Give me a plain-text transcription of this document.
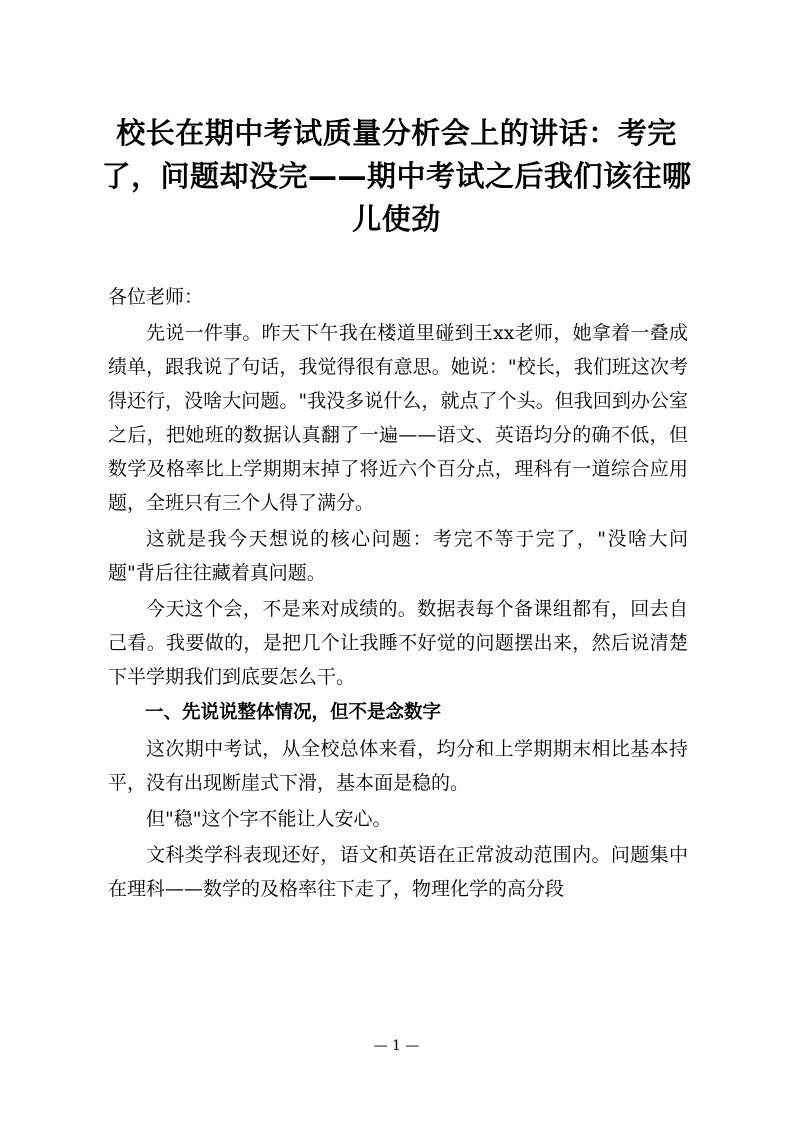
校长在期中考试质量分析会上的讲话：考完了，问题却没完——期中考试之后我们该往哪儿使劲

各位老师：

先说一件事。昨天下午我在楼道里碰到王xx老师，她拿着一叠成绩单，跟我说了句话，我觉得很有意思。她说："校长，我们班这次考得还行，没啥大问题。"我没多说什么，就点了个头。但我回到办公室之后，把她班的数据认真翻了一遍——语文、英语均分的确不低，但数学及格率比上学期期末掉了将近六个百分点，理科有一道综合应用题，全班只有三个人得了满分。

这就是我今天想说的核心问题：考完不等于完了，"没啥大问题"背后往往藏着真问题。

今天这个会，不是来对成绩的。数据表每个备课组都有，回去自己看。我要做的，是把几个让我睡不好觉的问题摆出来，然后说清楚下半学期我们到底要怎么干。

一、先说说整体情况，但不是念数字

这次期中考试，从全校总体来看，均分和上学期期末相比基本持平，没有出现断崖式下滑，基本面是稳的。

但"稳"这个字不能让人安心。

文科类学科表现还好，语文和英语在正常波动范围内。问题集中在理科——数学的及格率往下走了，物理化学的高分段

— 1 —
